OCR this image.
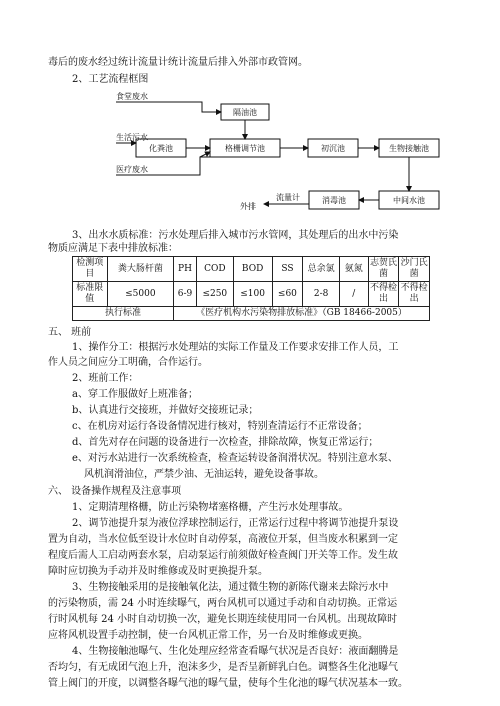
毒后的废水经过统计流量计统计流量后排入外部市政管网。
2、工艺流程框图
隔油池
化粪池	格栅调节池	初沉池	生物接触池
中间水池
消毒池
食堂废水
生活污水
医疗废水
流量计
外排
3、出水水质标准：污水处理后排入城市污水管网，其处理后的出水中污染
物质应满足下表中排放标准：
检测项目	粪大肠杆菌	PH	COD	BOD	SS	总余氯	氨氮	志贺氏菌	沙门氏菌
标准限值	≤5000	6-9	≤250	≤100	≤60	2-8	/	不得检出	不得检出
执行标准		《医疗机构水污染物排放标准》（GB 18466-2005）							
五、 班前
1、操作分工：根据污水处理站的实际工作量及工作要求安排工作人员，工
作人员之间应分工明确，合作运行。
2、班前工作：
a、穿工作服做好上班准备；
b、认真进行交接班，并做好交接班记录；
c、在机房对运行各设备情况进行核对，特别查清运行不正常设备；
d、首先对存在问题的设备进行一次检查，排除故障，恢复正常运行；
e、对污水站进行一次系统检查，检查运转设备润滑状况。特别注意水泵、
风机润滑油位，严禁少油、无油运转，避免设备事故。
六、 设备操作规程及注意事项
1、定期清理格栅，防止污染物堵塞格栅，产生污水处理事故。
2、调节池提升泵为液位浮球控制运行，正常运行过程中将调节池提升泵设
置为自动，当水位低至设计水位时自动停泵，高液位开泵，但当废水积累到一定
程度后需人工启动两套水泵，启动泵运行前须做好检查阀门开关等工作。发生故
障时应切换为手动并及时维修或及时更换提升泵。
3、生物接触采用的是接触氧化法，通过微生物的新陈代谢来去除污水中
的污染物质，需 24 小时连续曝气，两台风机可以通过手动和自动切换。正常运
行时风机每 24 小时自动切换一次，避免长期连续使用同一台风机。出现故障时
应将风机设置手动控制，使一台风机正常工作，另一台及时维修或更换。
4、生物接触池曝气、生化处理应经常查看曝气状况是否良好：液面翻腾是
否均匀，有无成团气泡上升，泡沫多少，是否呈新鲜乳白色。调整各生化池曝气
管上阀门的开度，以调整各曝气池的曝气量，使每个生化池的曝气状况基本一致。
